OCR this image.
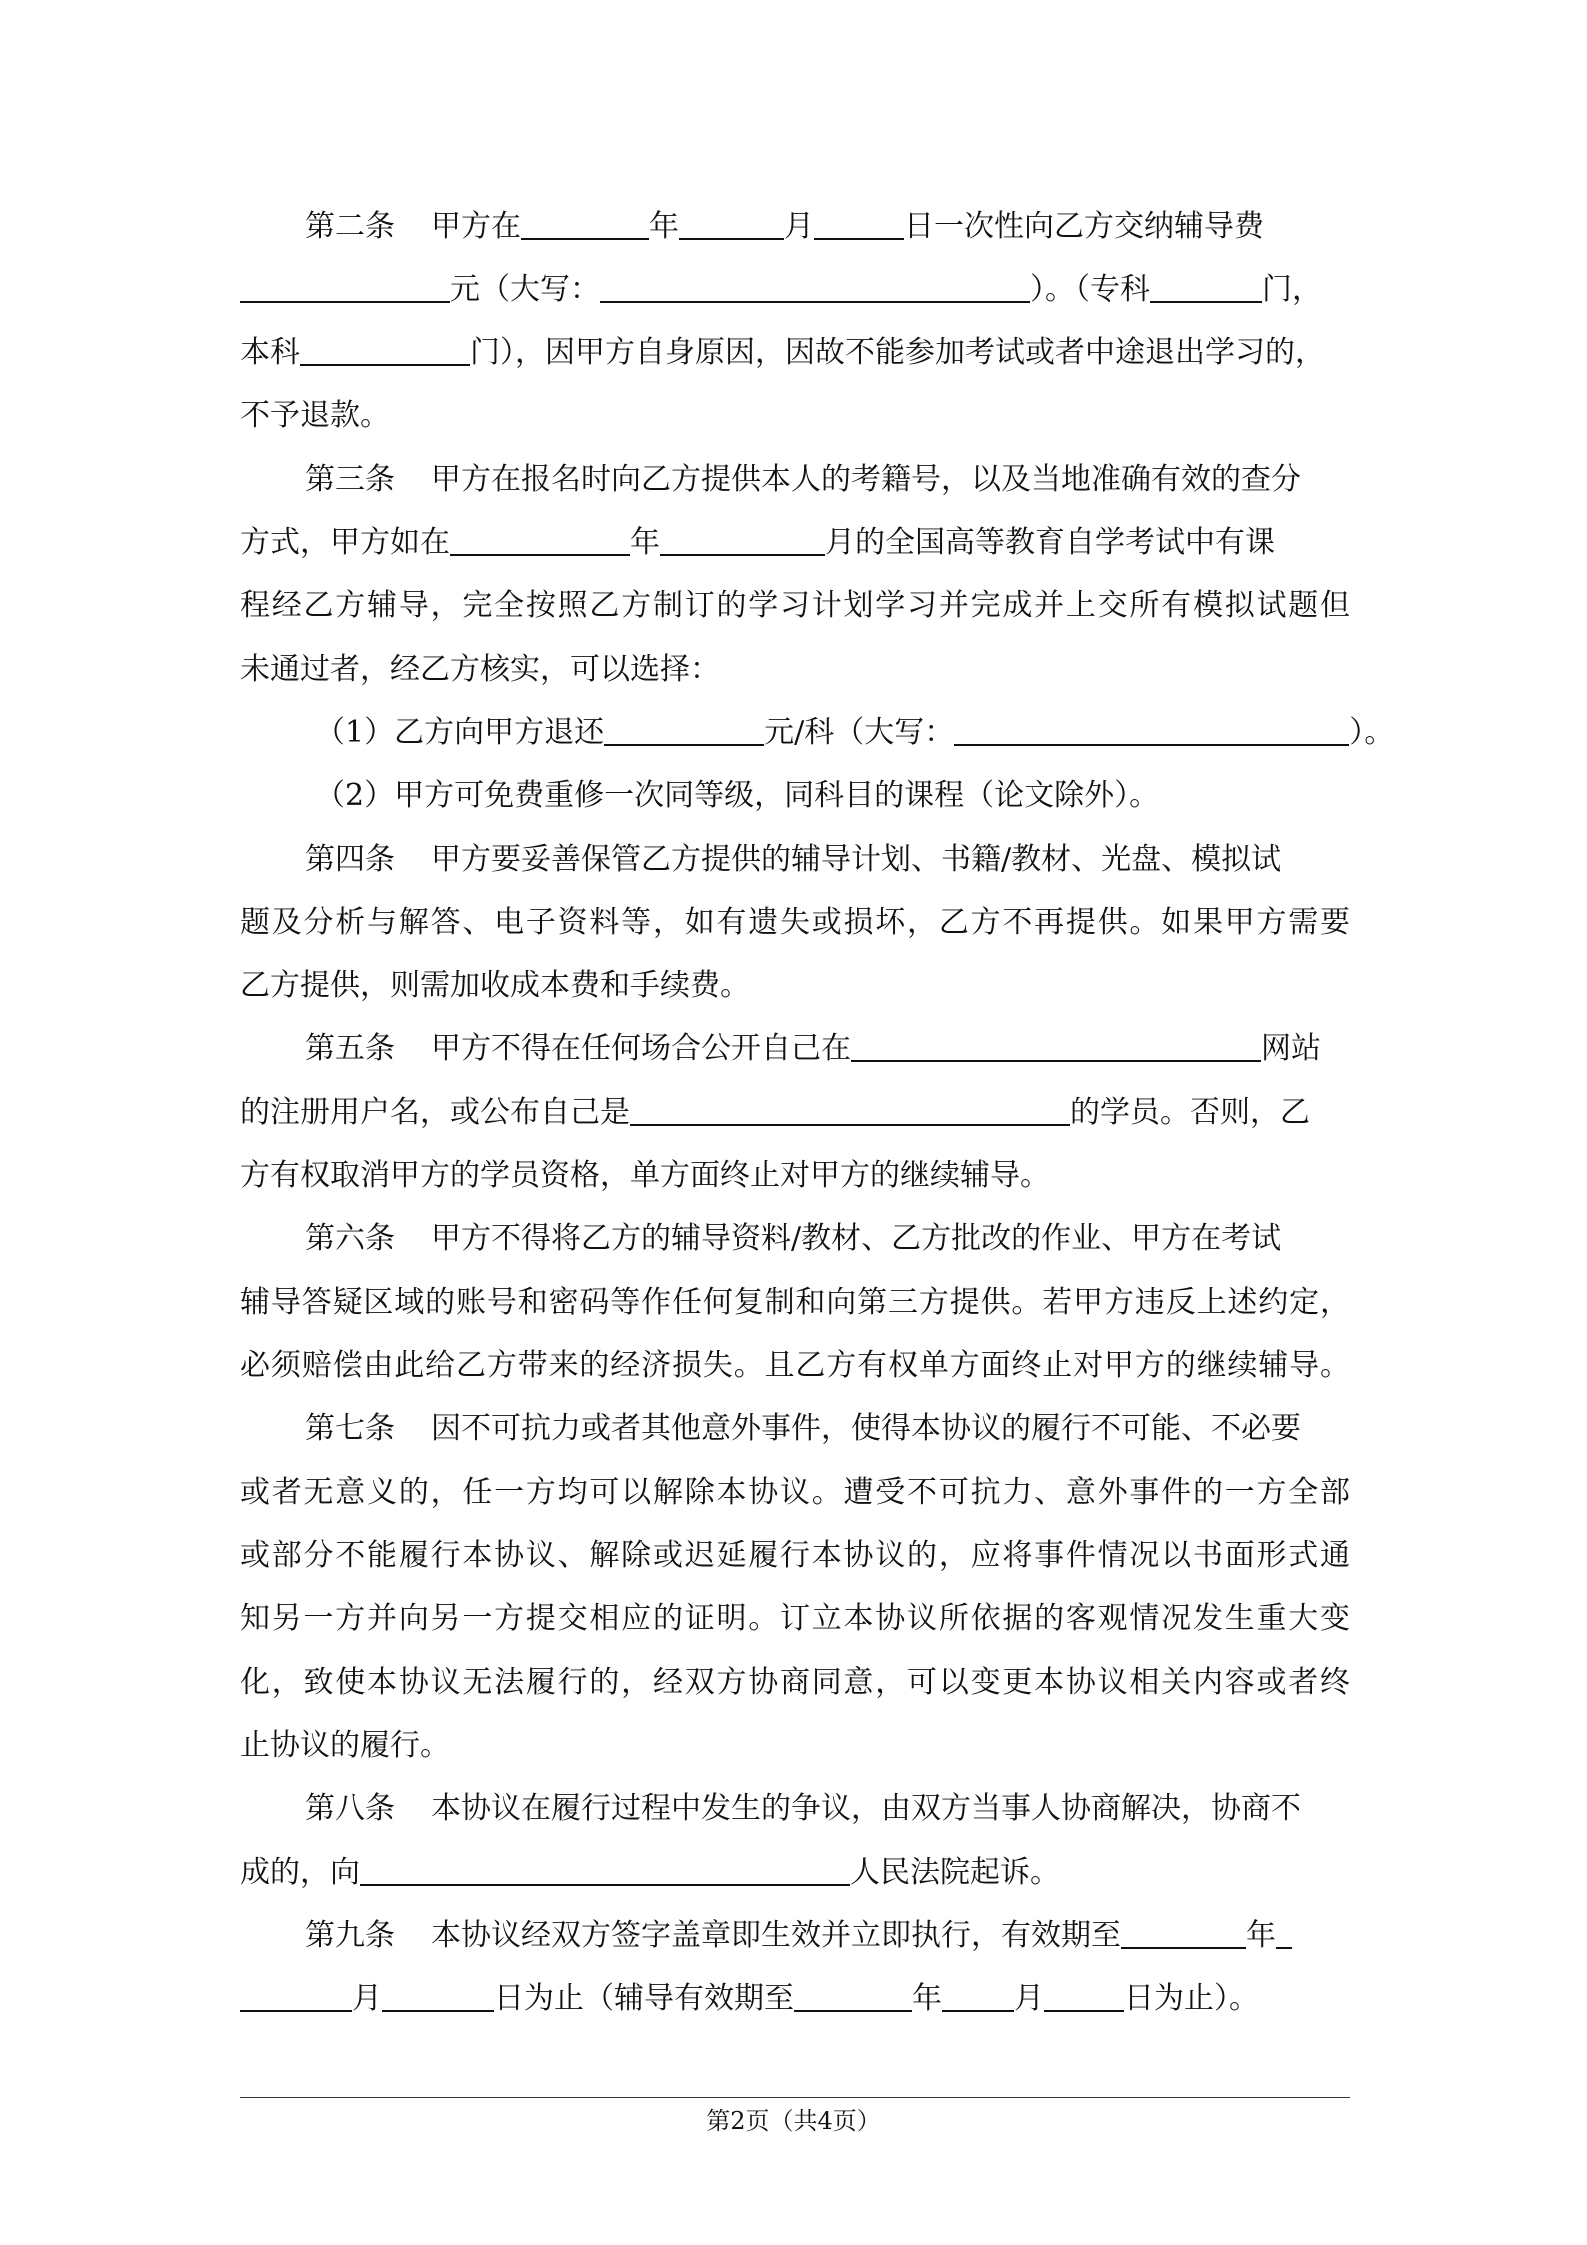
第二条 甲方在	年	月	日一次性向乙方交纳辅导费
元（大写：	）。（专科	门，
本科	门），因甲方自身原因，因故不能参加考试或者中途退出学习的，
不予退款。
第三条 甲方在报名时向乙方提供本人的考籍号，以及当地准确有效的查分
方式，甲方如在	年	月的全国高等教育自学考试中有课
程经乙方辅导，完全按照乙方制订的学习计划学习并完成并上交所有模拟试题但
未通过者，经乙方核实，可以选择：
（1）乙方向甲方退还	元/科（大写：	）。
（2）甲方可免费重修一次同等级，同科目的课程（论文除外）。
第四条 甲方要妥善保管乙方提供的辅导计划、书籍/教材、光盘、模拟试
题及分析与解答、电子资料等，如有遗失或损坏，乙方不再提供。如果甲方需要
乙方提供，则需加收成本费和手续费。
第五条 甲方不得在任何场合公开自己在	网站
的注册用户名，或公布自己是	的学员。否则，乙
方有权取消甲方的学员资格，单方面终止对甲方的继续辅导。
第六条 甲方不得将乙方的辅导资料/教材、乙方批改的作业、甲方在考试
辅导答疑区域的账号和密码等作任何复制和向第三方提供。若甲方违反上述约定，
必须赔偿由此给乙方带来的经济损失。且乙方有权单方面终止对甲方的继续辅导。
第七条 因不可抗力或者其他意外事件，使得本协议的履行不可能、不必要
或者无意义的，任一方均可以解除本协议。遭受不可抗力、意外事件的一方全部
或部分不能履行本协议、解除或迟延履行本协议的，应将事件情况以书面形式通
知另一方并向另一方提交相应的证明。订立本协议所依据的客观情况发生重大变
化，致使本协议无法履行的，经双方协商同意，可以变更本协议相关内容或者终
止协议的履行。
第八条 本协议在履行过程中发生的争议，由双方当事人协商解决，协商不
成的，向	人民法院起诉。
第九条 本协议经双方签字盖章即生效并立即执行，有效期至	年
月	日为止（辅导有效期至	年 月	日为止）。
第2页（共4页）
